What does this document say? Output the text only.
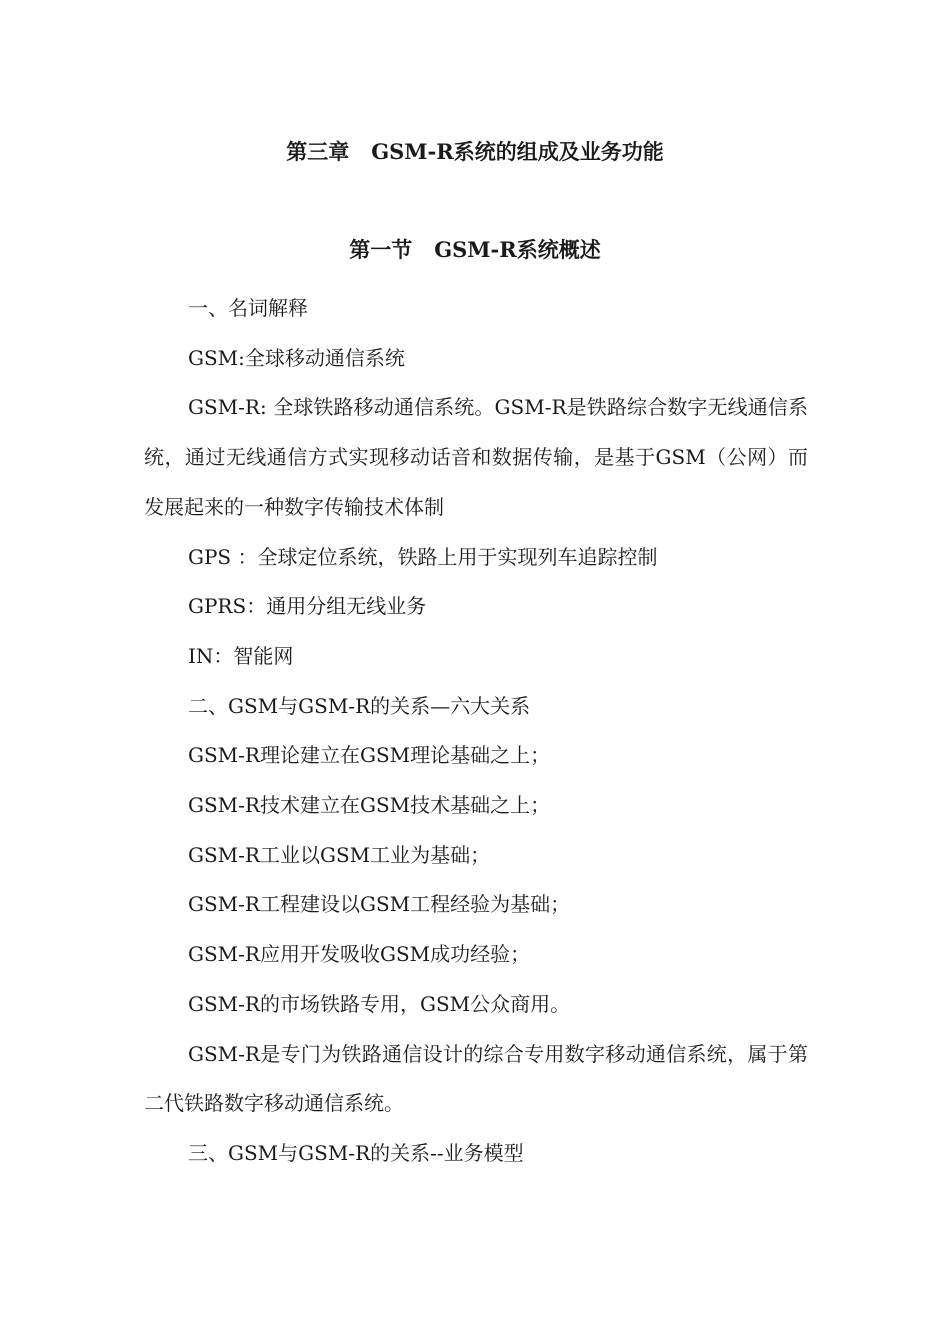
第三章   GSM-R系统的组成及业务功能
第一节   GSM-R系统概述

一、名词解释

GSM:全球移动通信系统

GSM-R: 全球铁路移动通信系统。GSM-R是铁路综合数字无线通信系统，通过无线通信方式实现移动话音和数据传输，是基于GSM（公网）而发展起来的一种数字传输技术体制

GPS ：全球定位系统，铁路上用于实现列车追踪控制

GPRS：通用分组无线业务

IN：智能网

二、GSM与GSM-R的关系—六大关系

GSM-R理论建立在GSM理论基础之上；

GSM-R技术建立在GSM技术基础之上；

GSM-R工业以GSM工业为基础；

GSM-R工程建设以GSM工程经验为基础；

GSM-R应用开发吸收GSM成功经验；

GSM-R的市场铁路专用，GSM公众商用。

GSM-R是专门为铁路通信设计的综合专用数字移动通信系统，属于第二代铁路数字移动通信系统。

三、GSM与GSM-R的关系--业务模型
